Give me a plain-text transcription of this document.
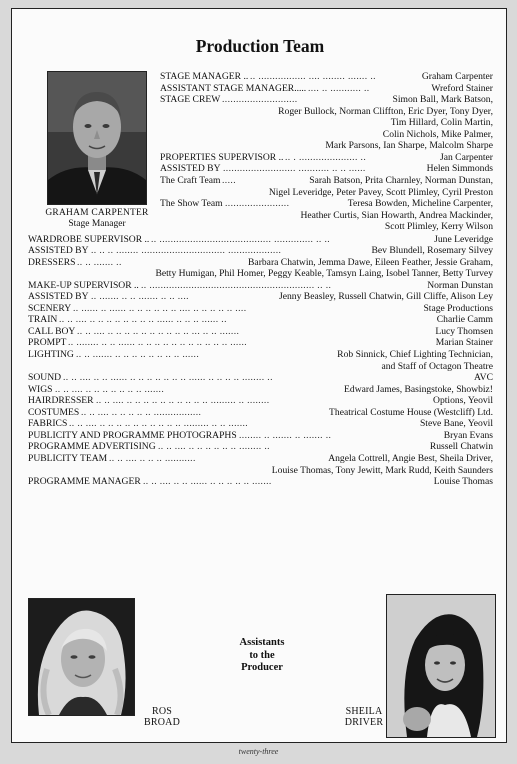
Production Team
GRAHAM CARPENTER
Stage Manager
Graham Carpenter
STAGE MANAGER .. .. ................. .... ........ ....... ..
Wreford Stainer
ASSISTANT STAGE MANAGER..... .... .. ........... ..
Simon Ball, Mark Batson,
STAGE CREW ...........................
Roger Bullock, Norman Cliffton, Eric Dyer, Tony Dyer,
Tim Hillard, Colin Martin,
Colin Nichols, Mike Palmer,
Mark Parsons, Ian Sharpe, Malcolm Sharpe
Jan Carpenter
PROPERTIES SUPERVISOR .. .. . ..................... ..
Helen Simmonds
ASSISTED BY .......................... ........... .. .. ......
Sarah Batson, Prita Charnley, Norman Dunstan,
The Craft Team .....
Nigel Leveridge, Peter Pavey, Scott Plimley, Cyril Preston
Teresa Bowden, Micheline Carpenter,
The Show Team .......................
Heather Curtis, Sian Howarth, Andrea Mackinder,
Scott Plimley, Kerry Wilson
June Leveridge
WARDROBE SUPERVISOR .. .. ........................................ .............. .. ..
Bev Blundell, Rosemary Silvey
ASSISTED BY .. .. .. ........ .............................. ...................
Barbara Chatwin, Jemma Dawe, Eileen Feather, Jessie Graham,
DRESSERS .. .. ....... ..
Betty Humigan, Phil Homer, Peggy Keable, Tamsyn Laing, Isobel Tanner, Betty Turvey
Norman Dunstan
MAKE-UP SUPERVISOR .. .. ........................................................... .. ..
Jenny Beasley, Russell Chatwin, Gill Cliffe, Alison Ley
ASSISTED BY .. ....... .. .. ....... .. .. ....
Stage Productions
SCENERY .. ...... .. ...... .. .. .. .. .. .. .... .. .. .. .. .. ....
Charlie Camm
TRAIN .. .. .... .. .. .. .. .. .. .. .. ...... .. .. .. ...... ..
Lucy Thomsen
CALL BOY .. .. .... .. .. .. .. .. .. .. .. .. .. ... .. .. .......
Marian Stainer
PROMPT .. ........ .. .. ...... .. .. .. .. .. .. .. .. .. .. .. ......
Rob Sinnick, Chief Lighting Technician,
LIGHTING .. .. ....... .. .. .. .. .. .. .. .. ......
and Staff of Octagon Theatre
AVC
SOUND .. .. .... .. .. ...... .. .. .. .. .. .. .. ...... .. .. .. .. ........ ..
Edward James, Basingstoke, Showbiz!
WIGS .. .. .... .. .. .. .. .. .. .. .......
Options, Yeovil
HAIRDRESSER .. .. .... .. .. .. .. .. .. .. .. .. .. ......... .. ........
Theatrical Costume House (Westcliff) Ltd.
COSTUMES .. .. .... .. .. .. .. .. .................
Steve Bane, Yeovil
FABRICS .. .. .... .. .. .. .. .. .. .. .. .. .. ......... .. .. .......
Bryan Evans
PUBLICITY AND PROGRAMME PHOTOGRAPHS ........ .. ....... .. ....... ..
Russell Chatwin
PROGRAMME ADVERTISING .. .. .... .. .. .. .. .. .. ........ ..
Angela Cottrell, Angie Best, Sheila Driver,
PUBLICITY TEAM .. .. .... .. .. .. ...........
Louise Thomas, Tony Jewitt, Mark Rudd, Keith Saunders
Louise Thomas
PROGRAMME MANAGER .. .. .... .. .. ...... .. .. .. .. .. .......
ROS
BROAD
Assistants
to the
Producer
SHEILA
DRIVER
twenty-three
